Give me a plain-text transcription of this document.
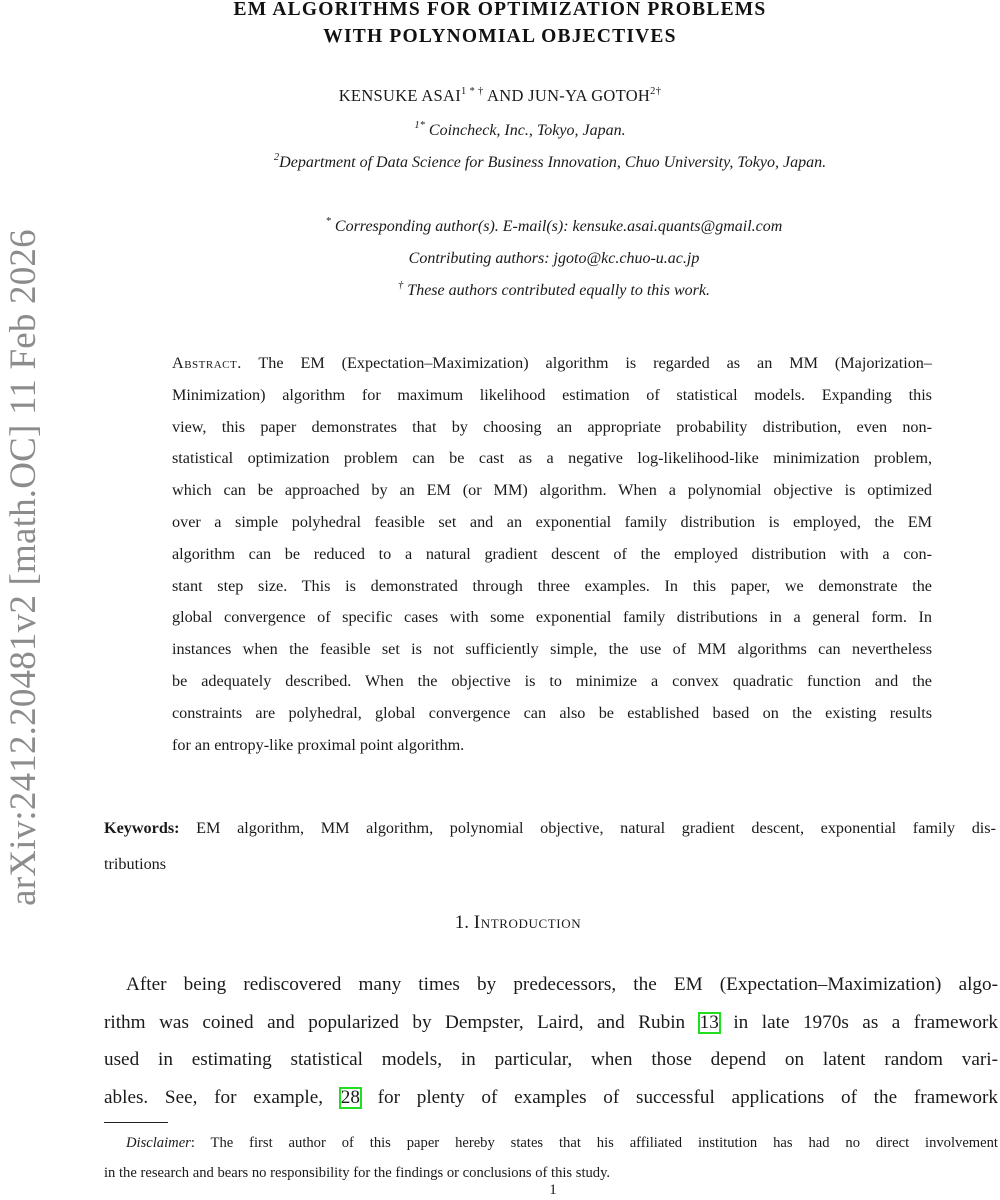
arXiv:2412.20481v2 [math.OC] 11 Feb 2026
EM ALGORITHMS FOR OPTIMIZATION PROBLEMS
WITH POLYNOMIAL OBJECTIVES
KENSUKE $ASAI^{1 * \dagger}$ AND JUN-YA $GOTOH^{2\dagger}$
$^{1*}$ Coincheck, Inc., Tokyo, Japan.
$^2$Department of Data Science for Business Innovation, Chuo University, Tokyo, Japan.
* Corresponding author(s). E-mail(s): kensuke.asai.quants@gmail.com
Contributing authors: jgoto@kc.chuo-u.ac.jp
† These authors contributed equally to this work.
Abstract. The EM (Expectation–Maximization) algorithm is regarded as an MM (Majorization–
Minimization) algorithm for maximum likelihood estimation of statistical models. Expanding this
view, this paper demonstrates that by choosing an appropriate probability distribution, even non-
statistical optimization problem can be cast as a negative log-likelihood-like minimization problem,
which can be approached by an EM (or MM) algorithm. When a polynomial objective is optimized
over a simple polyhedral feasible set and an exponential family distribution is employed, the EM
algorithm can be reduced to a natural gradient descent of the employed distribution with a con-
stant step size. This is demonstrated through three examples. In this paper, we demonstrate the
global convergence of specific cases with some exponential family distributions in a general form. In
instances when the feasible set is not sufficiently simple, the use of MM algorithms can nevertheless
be adequately described. When the objective is to minimize a convex quadratic function and the
constraints are polyhedral, global convergence can also be established based on the existing results
for an entropy-like proximal point algorithm.
Keywords: EM algorithm, MM algorithm, polynomial objective, natural gradient descent, exponential family dis-
tributions
1. Introduction
After being rediscovered many times by predecessors, the EM (Expectation–Maximization) algo-
rithm was coined and popularized by Dempster, Laird, and Rubin 13 in late 1970s as a framework
used in estimating statistical models, in particular, when those depend on latent random vari-
ables. See, for example, 28 for plenty of examples of successful applications of the framework
Disclaimer: The first author of this paper hereby states that his affiliated institution has had no direct involvement
in the research and bears no responsibility for the findings or conclusions of this study.
1
